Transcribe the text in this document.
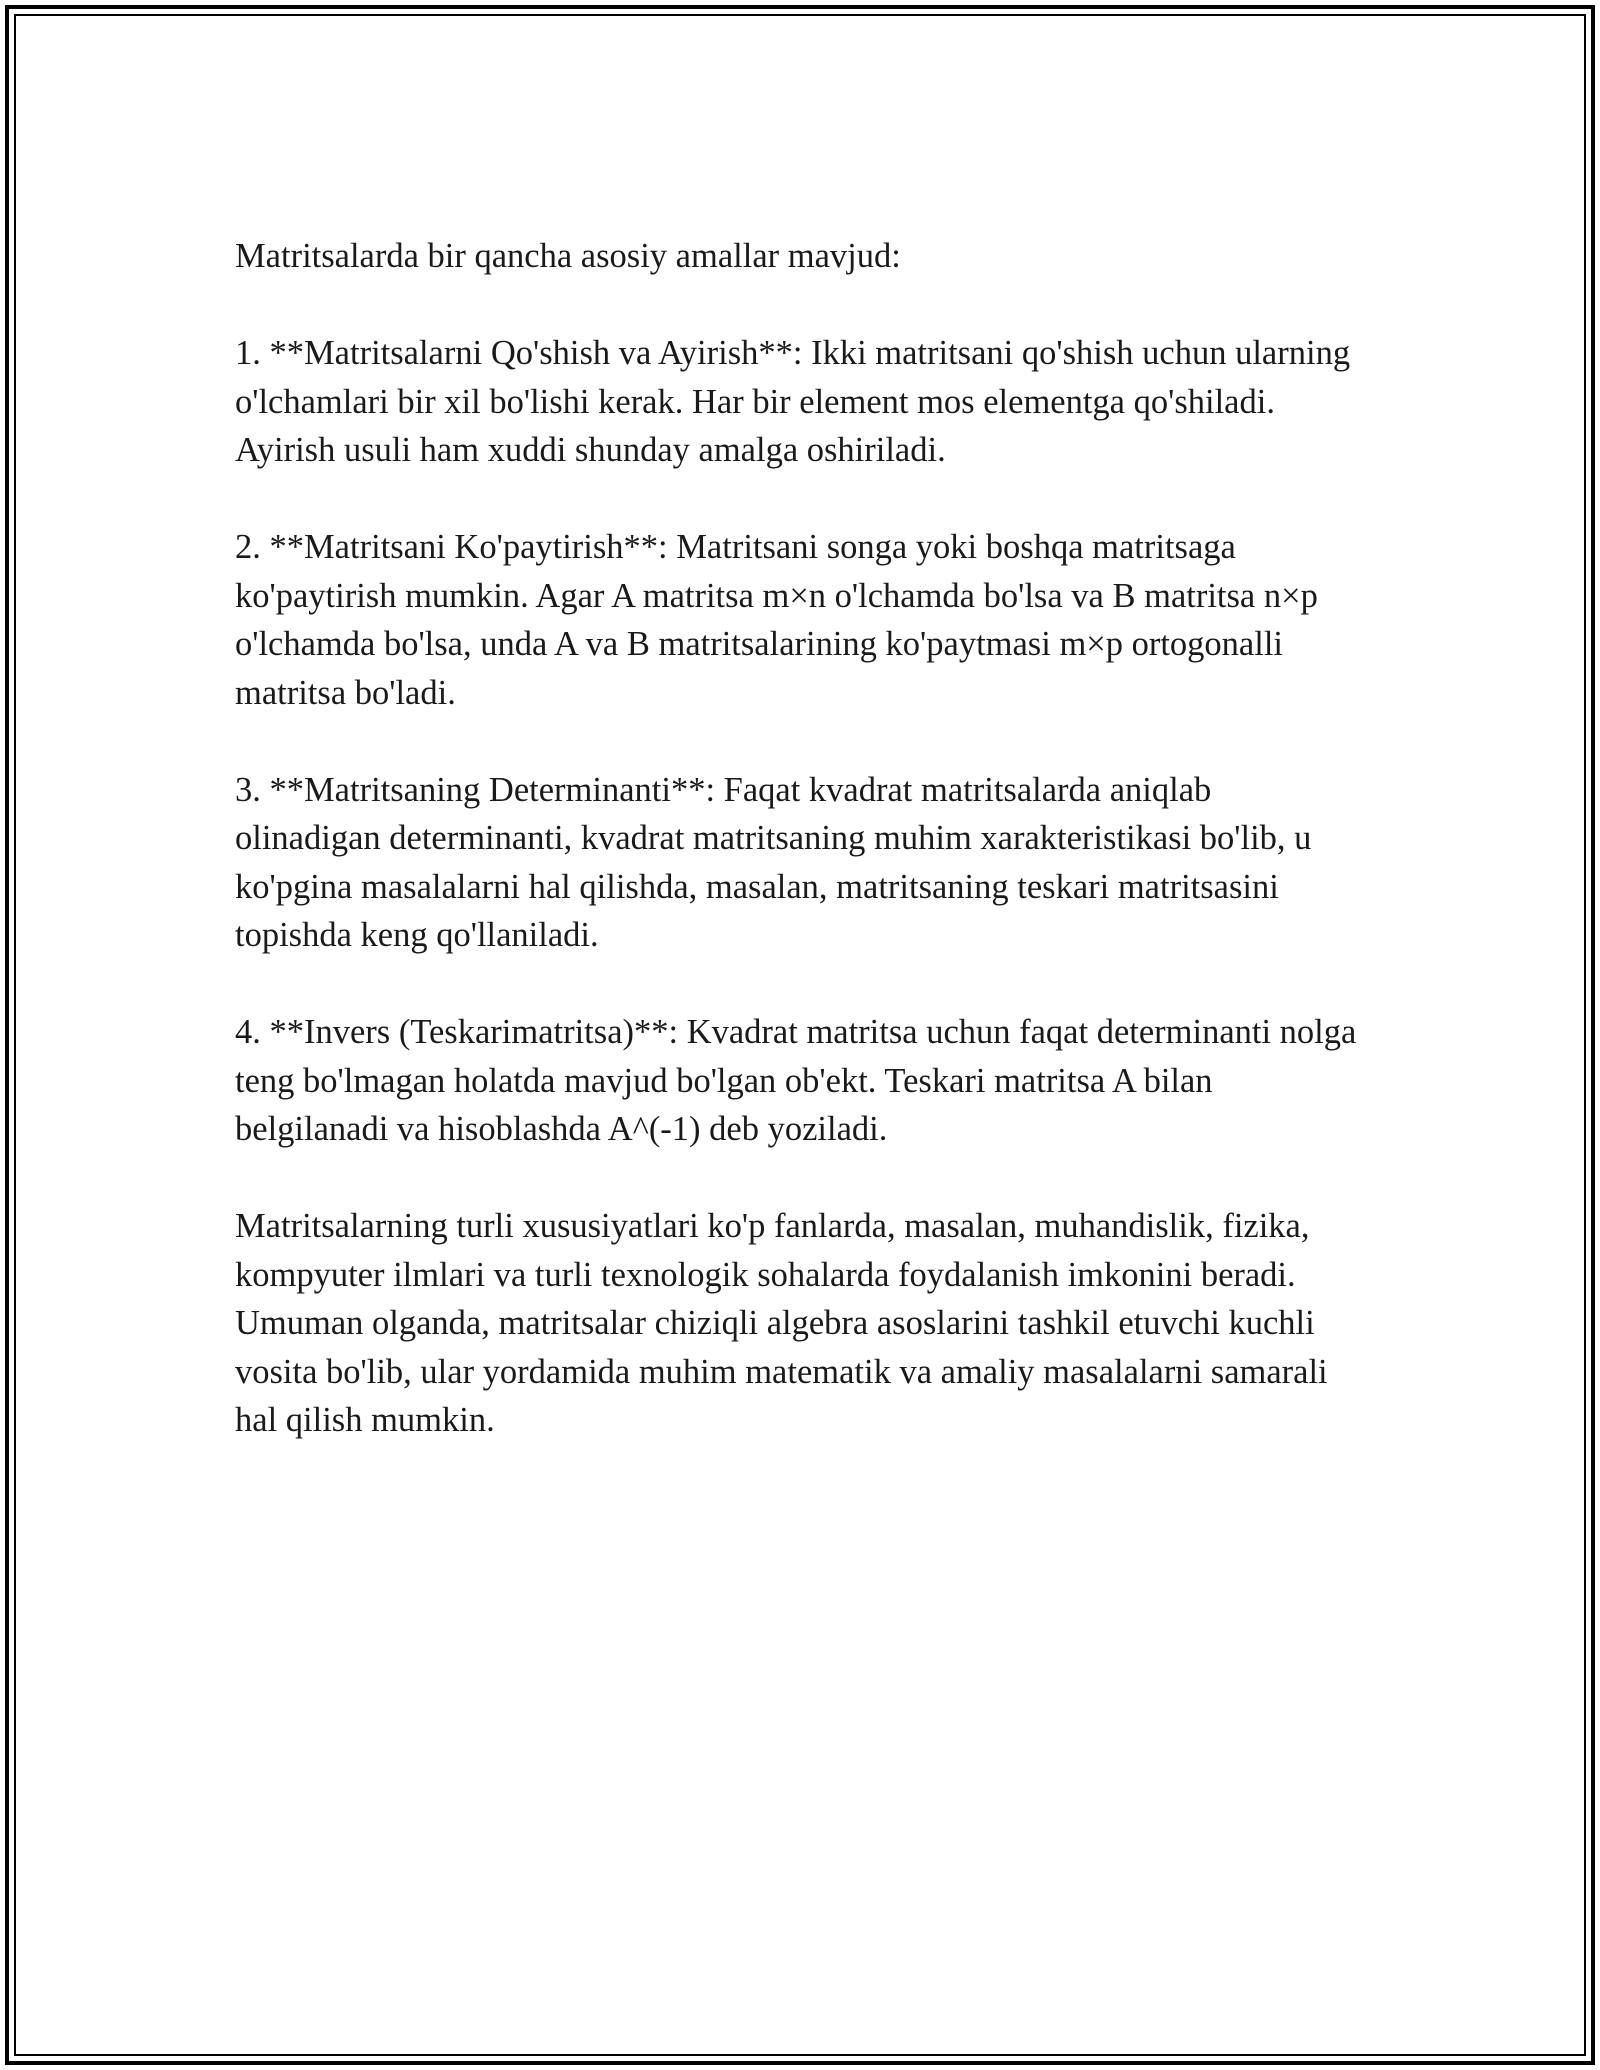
Matritsalarda bir qancha asosiy amallar mavjud:

1. **Matritsalarni Qo'shish va Ayirish**: Ikki matritsani qo'shish uchun ularning o'lchamlari bir xil bo'lishi kerak. Har bir element mos elementga qo'shiladi. Ayirish usuli ham xuddi shunday amalga oshiriladi.

2. **Matritsani Ko'paytirish**: Matritsani songa yoki boshqa matritsaga ko'paytirish mumkin. Agar A matritsa m×n o'lchamda bo'lsa va B matritsa n×p o'lchamda bo'lsa, unda A va B matritsalarining ko'paytmasi m×p ortogonalli matritsa bo'ladi.

3. **Matritsaning Determinanti**: Faqat kvadrat matritsalarda aniqlab olinadigan determinanti, kvadrat matritsaning muhim xarakteristikasi bo'lib, u ko'pgina masalalarni hal qilishda, masalan, matritsaning teskari matritsasini topishda keng qo'llaniladi.

4. **Invers (Teskarimatritsa)**: Kvadrat matritsa uchun faqat determinanti nolga teng bo'lmagan holatda mavjud bo'lgan ob'ekt. Teskari matritsa A bilan belgilanadi va hisoblashda A^(-1) deb yoziladi.

Matritsalarning turli xususiyatlari ko'p fanlarda, masalan, muhandislik, fizika, kompyuter ilmlari va turli texnologik sohalarda foydalanish imkonini beradi. Umuman olganda, matritsalar chiziqli algebra asoslarini tashkil etuvchi kuchli vosita bo'lib, ular yordamida muhim matematik va amaliy masalalarni samarali hal qilish mumkin.
